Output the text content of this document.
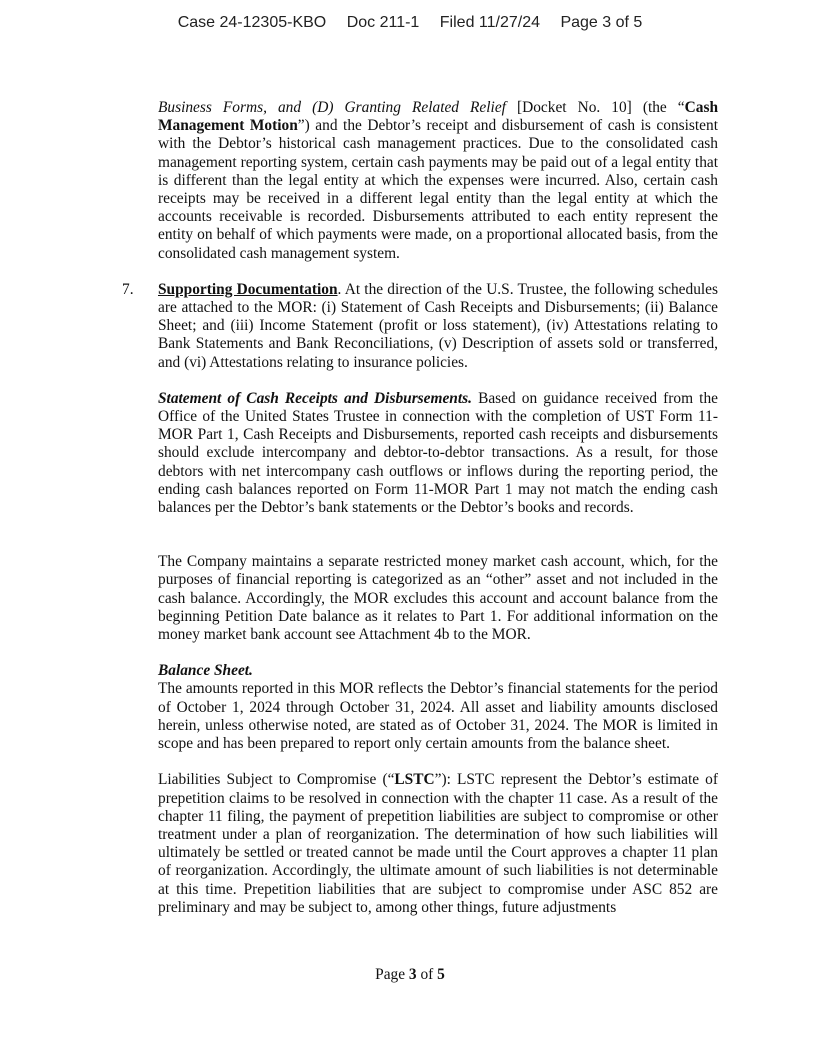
Case 24-12305-KBO Doc 211-1 Filed 11/27/24 Page 3 of 5

Business Forms, and (D) Granting Related Relief [Docket No. 10] (the “Cash Management Motion”) and the Debtor’s receipt and disbursement of cash is consistent with the Debtor’s historical cash management practices. Due to the consolidated cash management reporting system, certain cash payments may be paid out of a legal entity that is different than the legal entity at which the expenses were incurred. Also, certain cash receipts may be received in a different legal entity than the legal entity at which the accounts receivable is recorded. Disbursements attributed to each entity represent the entity on behalf of which payments were made, on a proportional allocated basis, from the consolidated cash management system.

7. Supporting Documentation. At the direction of the U.S. Trustee, the following schedules are attached to the MOR: (i) Statement of Cash Receipts and Disbursements; (ii) Balance Sheet; and (iii) Income Statement (profit or loss statement), (iv) Attestations relating to Bank Statements and Bank Reconciliations, (v) Description of assets sold or transferred, and (vi) Attestations relating to insurance policies.

Statement of Cash Receipts and Disbursements. Based on guidance received from the Office of the United States Trustee in connection with the completion of UST Form 11-MOR Part 1, Cash Receipts and Disbursements, reported cash receipts and disbursements should exclude intercompany and debtor-to-debtor transactions. As a result, for those debtors with net intercompany cash outflows or inflows during the reporting period, the ending cash balances reported on Form 11-MOR Part 1 may not match the ending cash balances per the Debtor’s bank statements or the Debtor’s books and records.

The Company maintains a separate restricted money market cash account, which, for the purposes of financial reporting is categorized as an “other” asset and not included in the cash balance. Accordingly, the MOR excludes this account and account balance from the beginning Petition Date balance as it relates to Part 1. For additional information on the money market bank account see Attachment 4b to the MOR.

Balance Sheet.

The amounts reported in this MOR reflects the Debtor’s financial statements for the period of October 1, 2024 through October 31, 2024. All asset and liability amounts disclosed herein, unless otherwise noted, are stated as of October 31, 2024. The MOR is limited in scope and has been prepared to report only certain amounts from the balance sheet.

Liabilities Subject to Compromise (“LSTC”): LSTC represent the Debtor’s estimate of prepetition claims to be resolved in connection with the chapter 11 case. As a result of the chapter 11 filing, the payment of prepetition liabilities are subject to compromise or other treatment under a plan of reorganization. The determination of how such liabilities will ultimately be settled or treated cannot be made until the Court approves a chapter 11 plan of reorganization. Accordingly, the ultimate amount of such liabilities is not determinable at this time. Prepetition liabilities that are subject to compromise under ASC 852 are preliminary and may be subject to, among other things, future adjustments

Page 3 of 5
